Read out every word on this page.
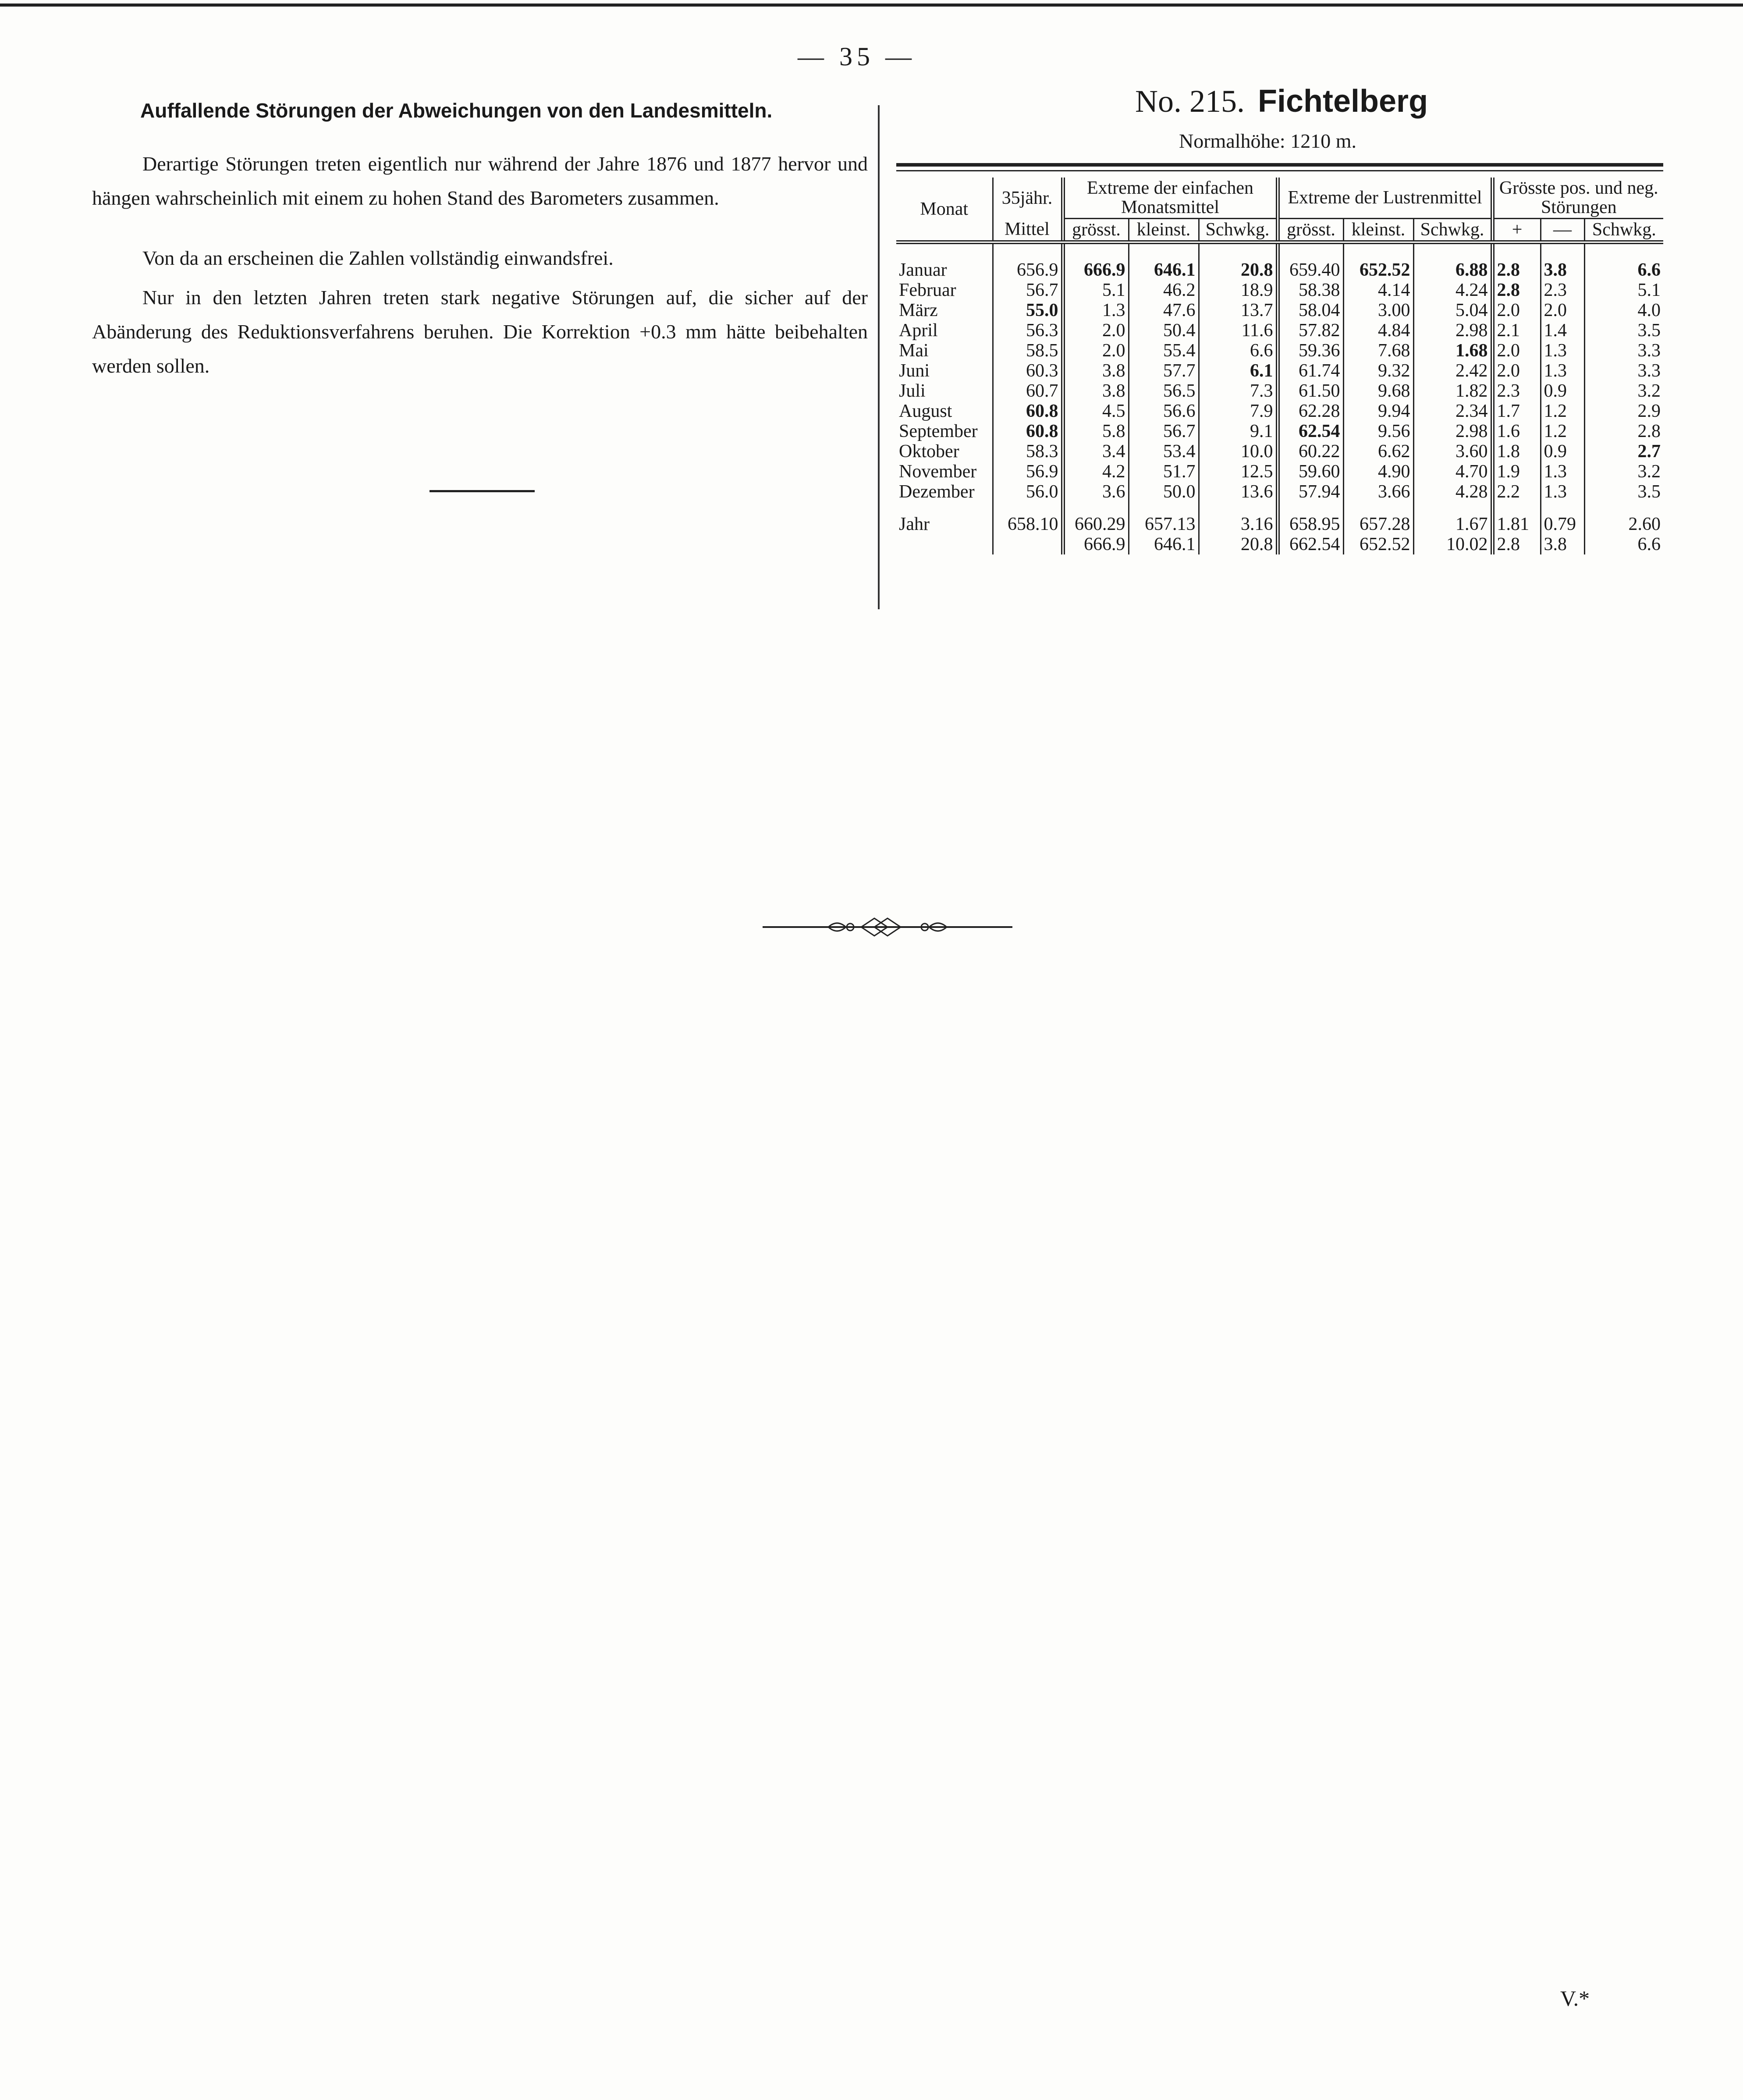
— 35 —
Auffallende Störungen der Abweichungen von den Landesmitteln.
Derartige Störungen treten eigentlich nur während der Jahre 1876 und 1877 hervor und hängen wahrscheinlich mit einem zu hohen Stand des Barometers zusammen.
Von da an erscheinen die Zahlen vollständig einwandsfrei.
Nur in den letzten Jahren treten stark negative Störungen auf, die sicher auf der Abänderung des Reduktionsverfahrens beruhen. Die Korrektion +0.3 mm hätte beibehalten werden sollen.
No. 215. Fichtelberg
Normalhöhe: 1210 m.
Monat	35jähr.	Extreme der einfachen Monatsmittel			Extreme der Lustrenmittel			Grösste pos. und neg. Störungen		
	Mittel	grösst.	kleinst.	Schwkg.	grösst.	kleinst.	Schwkg.	+	—	Schwkg.

Januar	656.9	666.9	646.1	20.8	659.40	652.52	6.88	2.8	3.8	6.6
Februar	56.7	5.1	46.2	18.9	58.38	4.14	4.24	2.8	2.3	5.1
März	55.0	1.3	47.6	13.7	58.04	3.00	5.04	2.0	2.0	4.0
April	56.3	2.0	50.4	11.6	57.82	4.84	2.98	2.1	1.4	3.5
Mai	58.5	2.0	55.4	6.6	59.36	7.68	1.68	2.0	1.3	3.3
Juni	60.3	3.8	57.7	6.1	61.74	9.32	2.42	2.0	1.3	3.3
Juli	60.7	3.8	56.5	7.3	61.50	9.68	1.82	2.3	0.9	3.2
August	60.8	4.5	56.6	7.9	62.28	9.94	2.34	1.7	1.2	2.9
September	60.8	5.8	56.7	9.1	62.54	9.56	2.98	1.6	1.2	2.8
Oktober	58.3	3.4	53.4	10.0	60.22	6.62	3.60	1.8	0.9	2.7
November	56.9	4.2	51.7	12.5	59.60	4.90	4.70	1.9	1.3	3.2
Dezember	56.0	3.6	50.0	13.6	57.94	3.66	4.28	2.2	1.3	3.5

Jahr	658.10	660.29	657.13	3.16	658.95	657.28	1.67	1.81	0.79	2.60
		666.9	646.1	20.8	662.54	652.52	10.02	2.8	3.8	6.6
V.*
